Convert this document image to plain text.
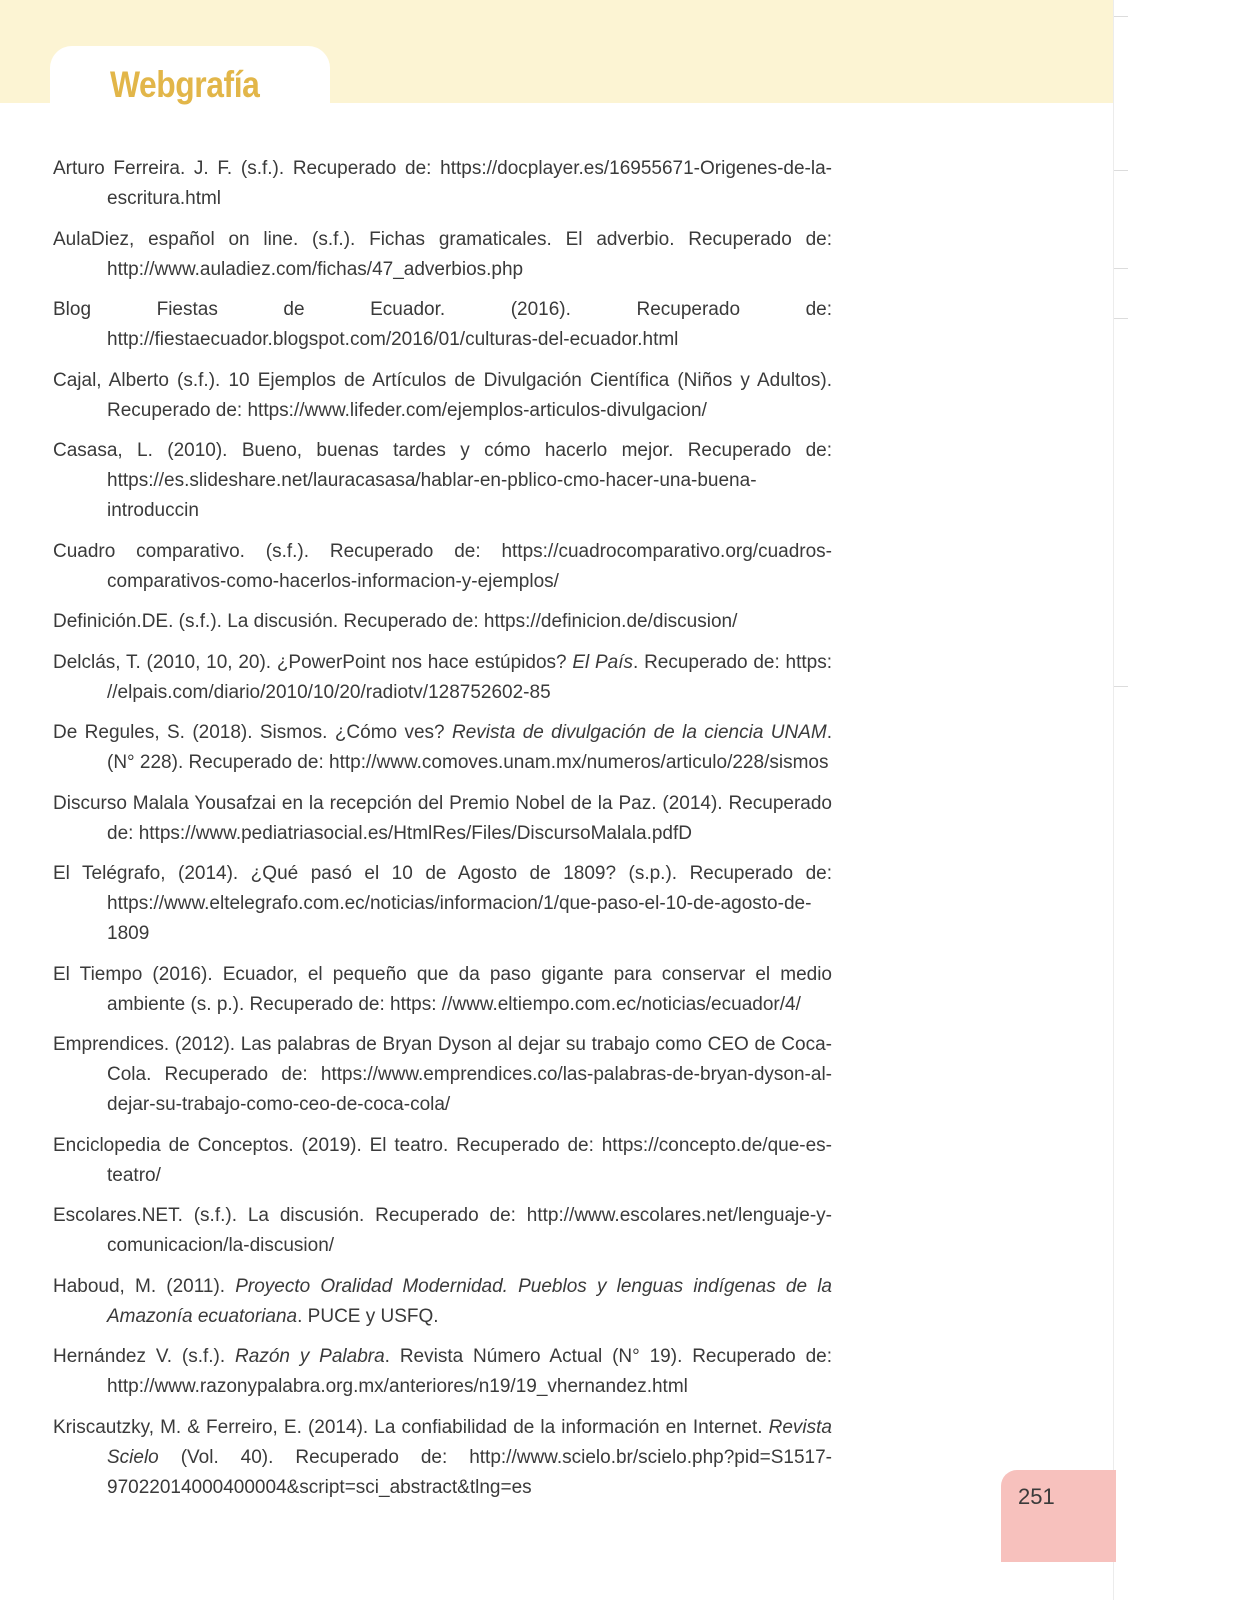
Webgrafía
Arturo Ferreira. J. F. (s.f.). Recuperado de: https://docplayer.es/16955671-Origenes-de-la-escritura.html
AulaDiez, español on line. (s.f.). Fichas gramaticales. El adverbio. Recuperado de: http://www.auladiez.com/fichas/47_adverbios.php
Blog Fiestas de Ecuador. (2016). Recuperado de: http://fiestaecuador.blogspot.com/2016/01/culturas-del-ecuador.html
Cajal, Alberto (s.f.). 10 Ejemplos de Artículos de Divulgación Científica (Niños y Adultos). Recuperado de: https://www.lifeder.com/ejemplos-articulos-divulgacion/
Casasa, L. (2010). Bueno, buenas tardes y cómo hacerlo mejor. Recuperado de: https://es.slideshare.net/lauracasasa/hablar-en-pblico-cmo-hacer-una-buena-introduccin
Cuadro comparativo. (s.f.). Recuperado de: https://cuadrocomparativo.org/cuadros-comparativos-como-hacerlos-informacion-y-ejemplos/
Definición.DE. (s.f.). La discusión. Recuperado de: https://definicion.de/discusion/
Delclás, T. (2010, 10, 20). ¿PowerPoint nos hace estúpidos? El País. Recuperado de: https: //elpais.com/diario/2010/10/20/radiotv/128752602-85
De Regules, S. (2018). Sismos. ¿Cómo ves? Revista de divulgación de la ciencia UNAM. (N° 228). Recuperado de: http://www.comoves.unam.mx/numeros/articulo/228/sismos
Discurso Malala Yousafzai en la recepción del Premio Nobel de la Paz. (2014). Recuperado de: https://www.pediatriasocial.es/HtmlRes/Files/DiscursoMalala.pdfD
El Telégrafo, (2014). ¿Qué pasó el 10 de Agosto de 1809? (s.p.). Recuperado de: https://www.eltelegrafo.com.ec/noticias/informacion/1/que-paso-el-10-de-agosto-de-1809
El Tiempo (2016). Ecuador, el pequeño que da paso gigante para conservar el medio ambiente (s. p.). Recuperado de: https: //www.eltiempo.com.ec/noticias/ecuador/4/
Emprendices. (2012). Las palabras de Bryan Dyson al dejar su trabajo como CEO de Coca-Cola. Recuperado de: https://www.emprendices.co/las-palabras-de-bryan-dyson-al-dejar-su-trabajo-como-ceo-de-coca-cola/
Enciclopedia de Conceptos. (2019). El teatro. Recuperado de: https://concepto.de/que-es-teatro/
Escolares.NET. (s.f.). La discusión. Recuperado de: http://www.escolares.net/lenguaje-y-comunicacion/la-discusion/
Haboud, M. (2011). Proyecto Oralidad Modernidad. Pueblos y lenguas indígenas de la Amazonía ecuatoriana. PUCE y USFQ.
Hernández V. (s.f.). Razón y Palabra. Revista Número Actual (N° 19). Recuperado de: http://www.razonypalabra.org.mx/anteriores/n19/19_vhernandez.html
Kriscautzky, M. & Ferreiro, E. (2014). La confiabilidad de la información en Internet. Revista Scielo (Vol. 40). Recuperado de: http://www.scielo.br/scielo.php?pid=S1517-97022014000400004&script=sci_abstract&tlng=es	251
